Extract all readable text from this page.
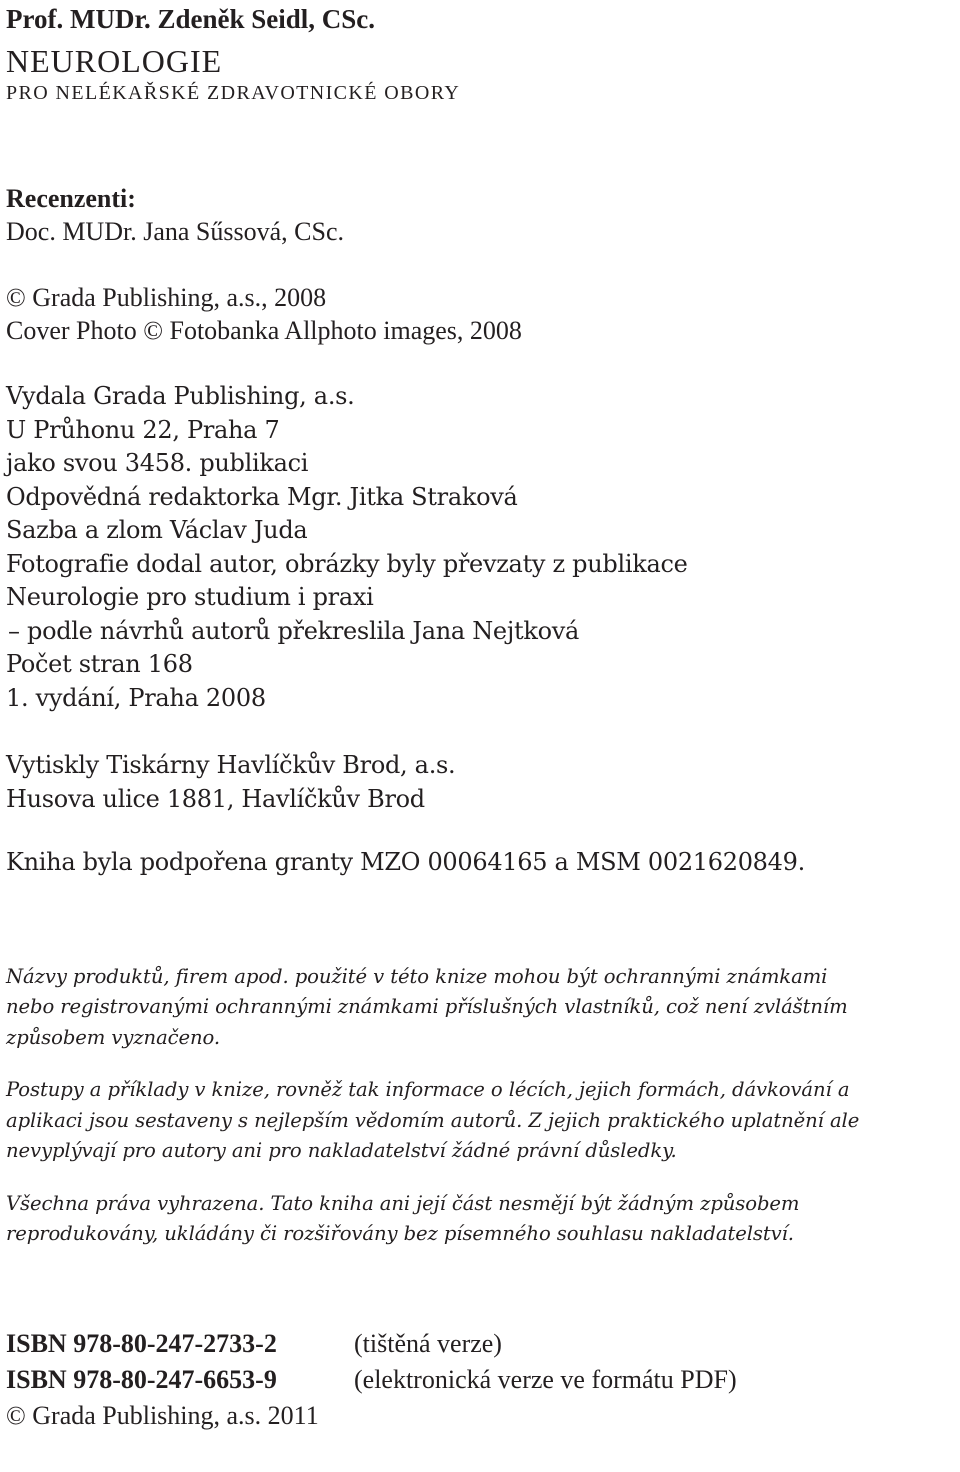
Prof. MUDr. Zdeněk Seidl, CSc.
NEUROLOGIE
PRO NELÉKAŘSKÉ ZDRAVOTNICKÉ OBORY
Recenzenti:
Doc. MUDr. Jana Sűssová, CSc.
© Grada Publishing, a.s., 2008
Cover Photo © Fotobanka Allphoto images, 2008
Vydala Grada Publishing, a.s.
U Průhonu 22, Praha 7
jako svou 3458. publikaci
Odpovědná redaktorka Mgr. Jitka Straková
Sazba a zlom Václav Juda
Fotografie dodal autor, obrázky byly převzaty z publikace
Neurologie pro studium i praxi
– podle návrhů autorů překreslila Jana Nejtková
Počet stran 168
1. vydání, Praha 2008
Vytiskly Tiskárny Havlíčkův Brod, a.s.
Husova ulice 1881, Havlíčkův Brod
Kniha byla podpořena granty MZO 00064165 a MSM 0021620849.
Názvy produktů, firem apod. použité v této knize mohou být ochrannými známkami
nebo registrovanými ochrannými známkami příslušných vlastníků, což není zvláštním
způsobem vyznačeno.
Postupy a příklady v knize, rovněž tak informace o lécích, jejich formách, dávkování a
aplikaci jsou sestaveny s nejlepším vědomím autorů. Z jejich praktického uplatnění ale
nevyplývají pro autory ani pro nakladatelství žádné právní důsledky.
Všechna práva vyhrazena. Tato kniha ani její část nesmějí být žádným způsobem
reprodukovány, ukládány či rozšiřovány bez písemného souhlasu nakladatelství.
ISBN 978-80-247-2733-2	(tištěná verze)
ISBN 978-80-247-6653-9	(elektronická verze ve formátu PDF)
© Grada Publishing, a.s. 2011
